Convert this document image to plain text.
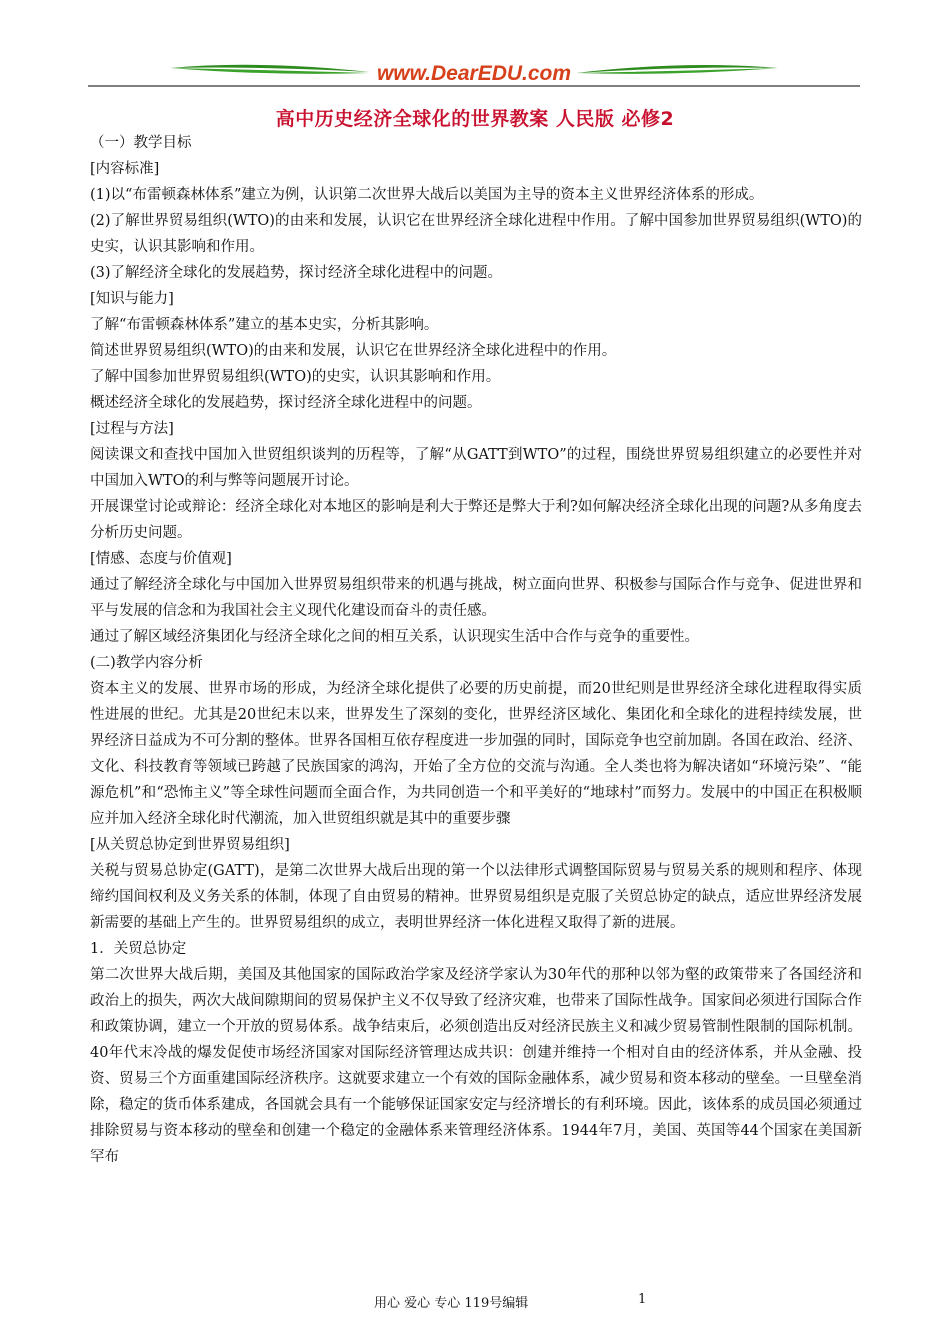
www.DearEDU.com
高中历史经济全球化的世界教案 人民版 必修2

（一）教学目标

[内容标准]

(1)以“布雷顿森林体系”建立为例，认识第二次世界大战后以美国为主导的资本主义世界经济体系的形成。

(2)了解世界贸易组织(WTO)的由来和发展，认识它在世界经济全球化进程中作用。了解中国参加世界贸易组织(WTO)的史实，认识其影响和作用。

(3)了解经济全球化的发展趋势，探讨经济全球化进程中的问题。

[知识与能力]

了解“布雷顿森林体系”建立的基本史实，分析其影响。

简述世界贸易组织(WTO)的由来和发展，认识它在世界经济全球化进程中的作用。

了解中国参加世界贸易组织(WTO)的史实，认识其影响和作用。

概述经济全球化的发展趋势，探讨经济全球化进程中的问题。

[过程与方法]

阅读课文和查找中国加入世贸组织谈判的历程等，了解“从GATT到WTO”的过程，围绕世界贸易组织建立的必要性并对中国加入WTO的利与弊等问题展开讨论。

开展课堂讨论或辩论：经济全球化对本地区的影响是利大于弊还是弊大于利?如何解决经济全球化出现的问题?从多角度去分析历史问题。

[情感、态度与价值观]

通过了解经济全球化与中国加入世界贸易组织带来的机遇与挑战，树立面向世界、积极参与国际合作与竞争、促进世界和平与发展的信念和为我国社会主义现代化建设而奋斗的责任感。

通过了解区域经济集团化与经济全球化之间的相互关系，认识现实生活中合作与竞争的重要性。

(二)教学内容分析

资本主义的发展、世界市场的形成，为经济全球化提供了必要的历史前提，而20世纪则是世界经济全球化进程取得实质性进展的世纪。尤其是20世纪末以来，世界发生了深刻的变化，世界经济区域化、集团化和全球化的进程持续发展，世界经济日益成为不可分割的整体。世界各国相互依存程度进一步加强的同时，国际竞争也空前加剧。各国在政治、经济、文化、科技教育等领域已跨越了民族国家的鸿沟，开始了全方位的交流与沟通。全人类也将为解决诸如“环境污染”、“能源危机”和“恐怖主义”等全球性问题而全面合作，为共同创造一个和平美好的“地球村”而努力。发展中的中国正在积极顺应并加入经济全球化时代潮流，加入世贸组织就是其中的重要步骤

[从关贸总协定到世界贸易组织]

关税与贸易总协定(GATT)，是第二次世界大战后出现的第一个以法律形式调整国际贸易与贸易关系的规则和程序、体现缔约国间权利及义务关系的体制，体现了自由贸易的精神。世界贸易组织是克服了关贸总协定的缺点，适应世界经济发展新需要的基础上产生的。世界贸易组织的成立，表明世界经济一体化进程又取得了新的进展。

1．关贸总协定

第二次世界大战后期，美国及其他国家的国际政治学家及经济学家认为30年代的那种以邻为壑的政策带来了各国经济和政治上的损失，两次大战间隙期间的贸易保护主义不仅导致了经济灾难，也带来了国际性战争。国家间必须进行国际合作和政策协调，建立一个开放的贸易体系。战争结束后，必须创造出反对经济民族主义和减少贸易管制性限制的国际机制。40年代末冷战的爆发促使市场经济国家对国际经济管理达成共识：创建并维持一个相对自由的经济体系，并从金融、投资、贸易三个方面重建国际经济秩序。这就要求建立一个有效的国际金融体系，减少贸易和资本移动的壁垒。一旦壁垒消除，稳定的货币体系建成，各国就会具有一个能够保证国家安定与经济增长的有利环境。因此，该体系的成员国必须通过排除贸易与资本移动的壁垒和创建一个稳定的金融体系来管理经济体系。1944年7月，美国、英国等44个国家在美国新罕布

用心 爱心 专心 119号编辑	1
